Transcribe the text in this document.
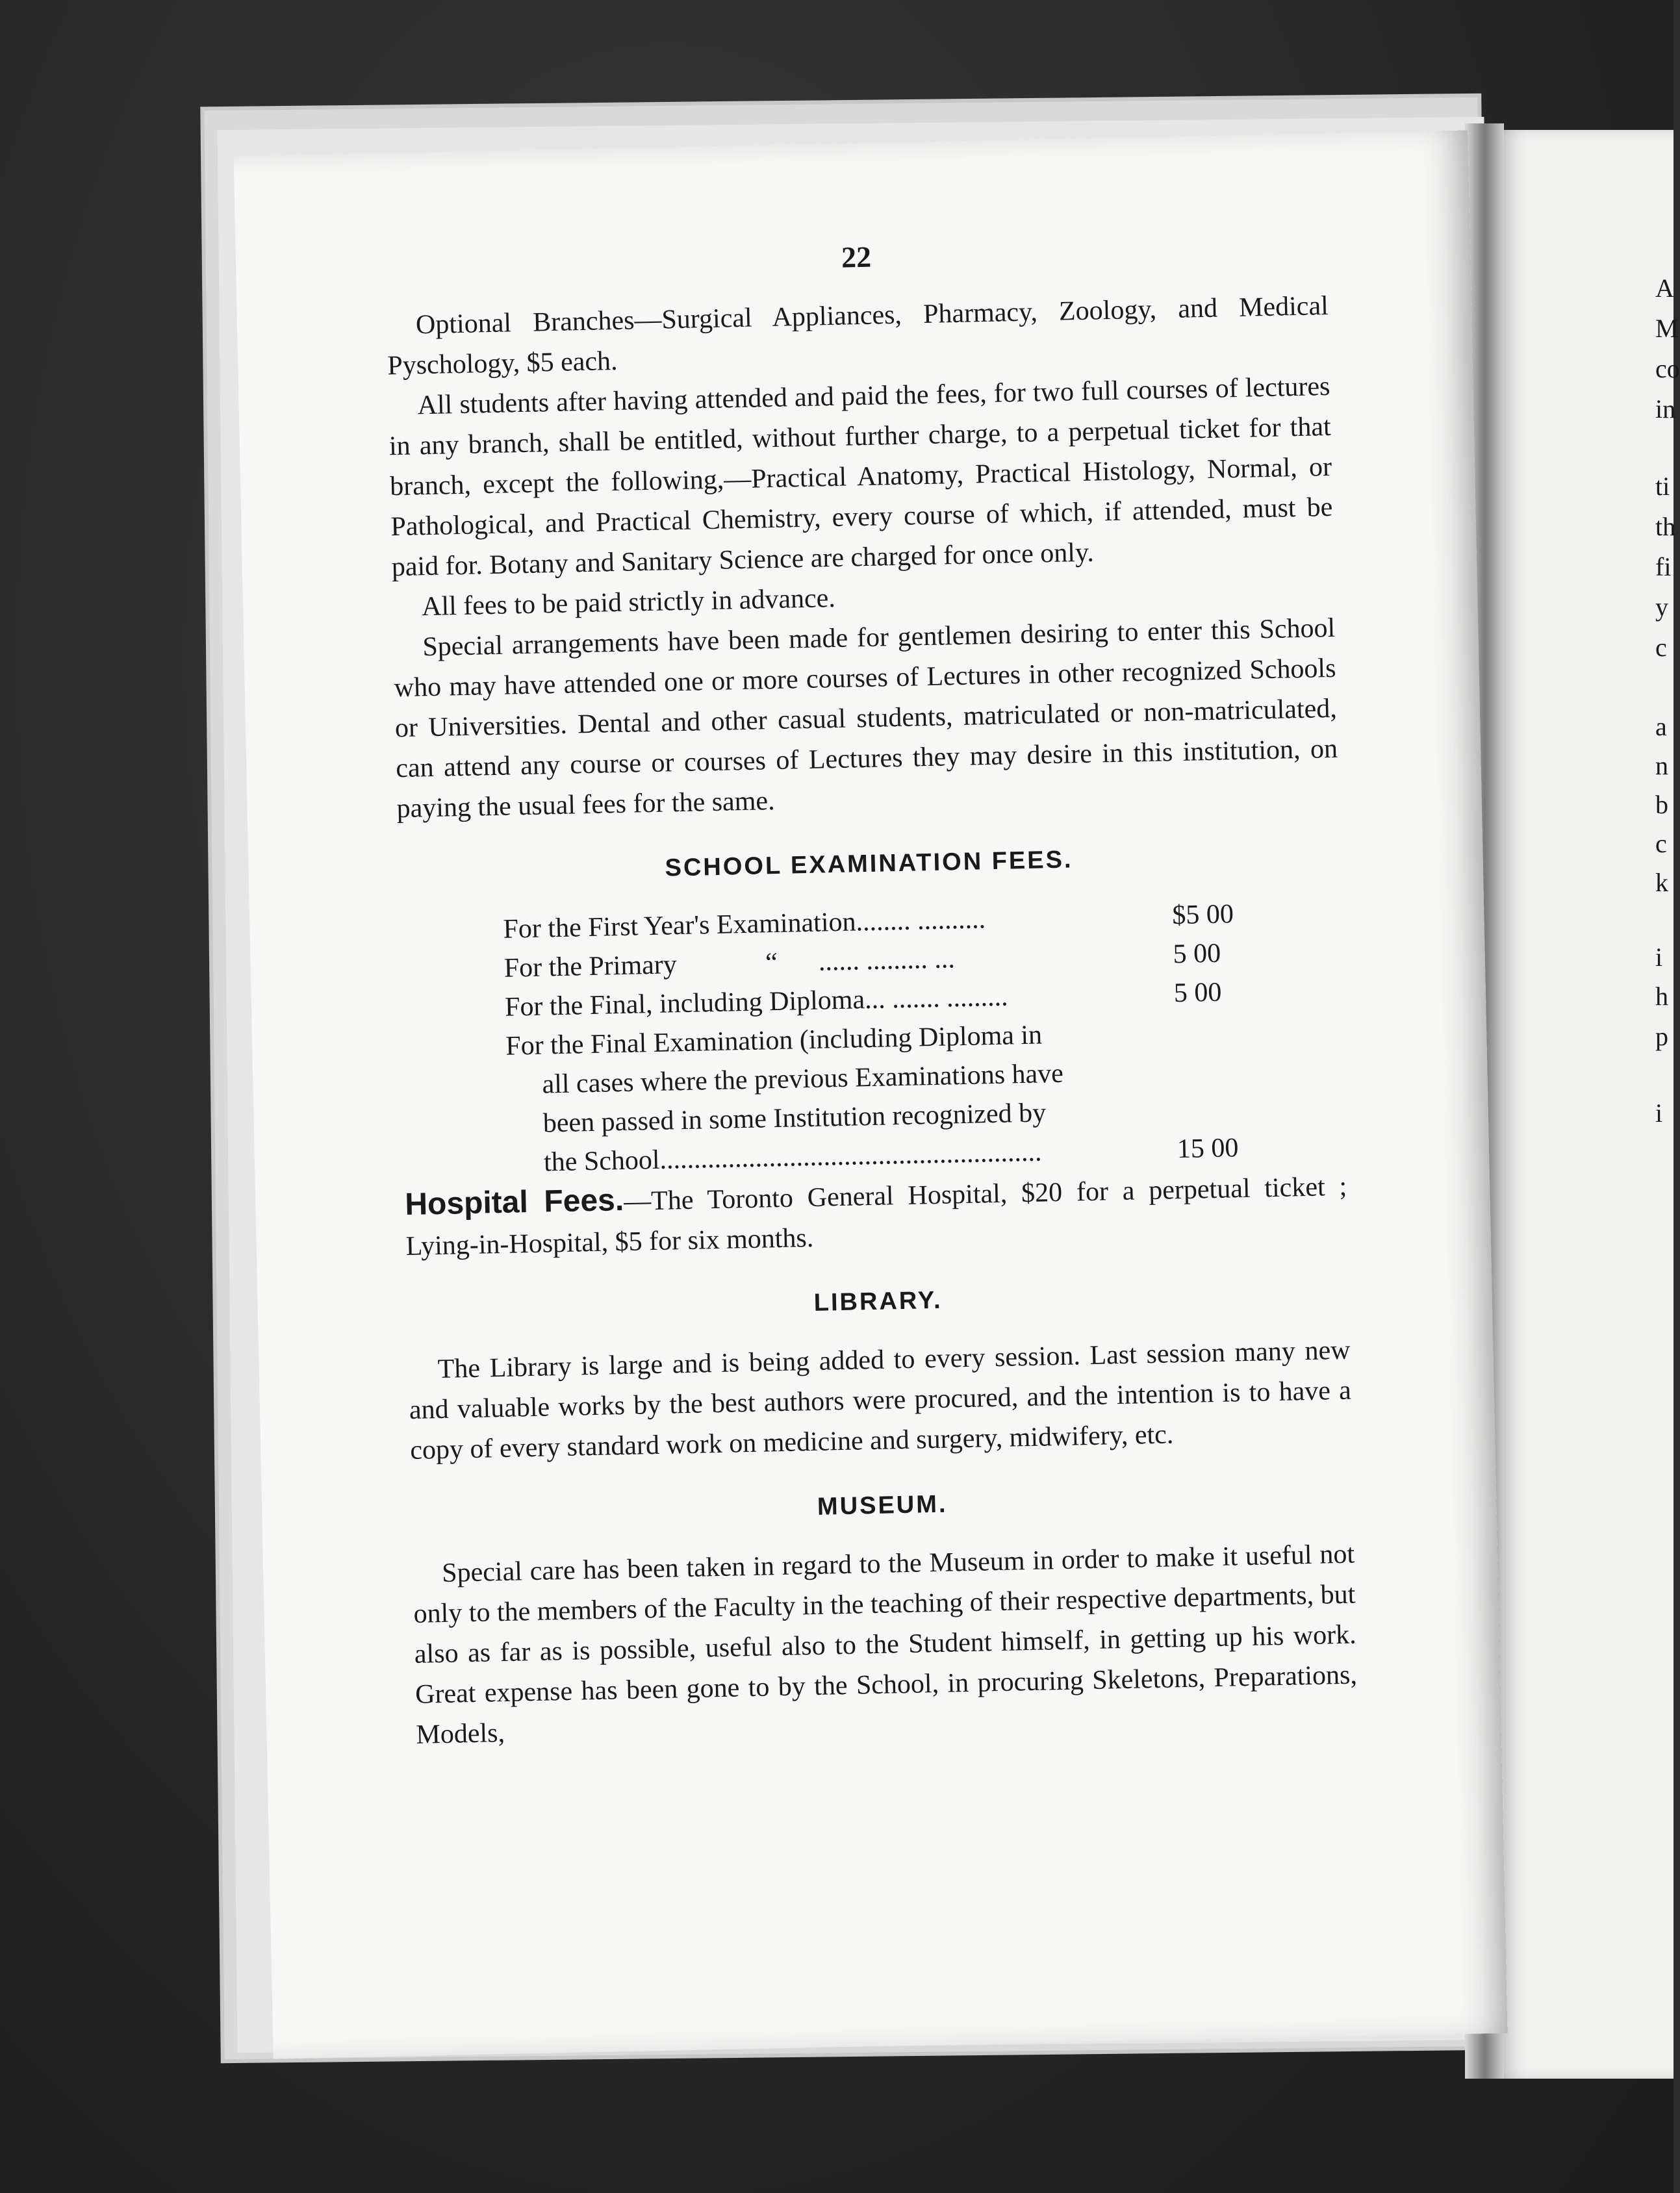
22

Optional Branches—Surgical Appliances, Pharmacy, Zoology, and Medical Pyschology, $5 each.

All students after having attended and paid the fees, for two full courses of lectures in any branch, shall be entitled, without further charge, to a perpetual ticket for that branch, except the following,—Practical Anatomy, Practical Histology, Normal, or Pathological, and Practical Chemistry, every course of which, if attended, must be paid for. Botany and Sanitary Science are charged for once only.

All fees to be paid strictly in advance.

Special arrangements have been made for gentlemen desiring to enter this School who may have attended one or more courses of Lectures in other recognized Schools or Universities. Dental and other casual students, matriculated or non-matriculated, can attend any course or courses of Lectures they may desire in this institution, on paying the usual fees for the same.

SCHOOL EXAMINATION FEES.
For the First Year's Examination........ ..........	$5 00
For the Primary             “      ...... ......... ...	5 00
For the Final, including Diploma... ....... .........	5 00
For the Final Examination (including Diploma in
all cases where the previous Examinations have
been passed in some Institution recognized by
the School........................................................	15 00

Hospital Fees.—The Toronto General Hospital, $20 for a perpetual ticket ; Lying-in-Hospital, $5 for six months.

LIBRARY.

The Library is large and is being added to every session. Last session many new and valuable works by the best authors were procured, and the intention is to have a copy of every standard work on medicine and surgery, midwifery, etc.

MUSEUM.

Special care has been taken in regard to the Museum in order to make it useful not only to the members of the Faculty in the teaching of their respective departments, but also as far as is possible, useful also to the Student himself, in getting up his work. Great expense has been gone to by the School, in procuring Skeletons, Preparations, Models,

A
M
co
in
ti
th
fi
y
c
a
n
b
c
k
i
h
p
i
